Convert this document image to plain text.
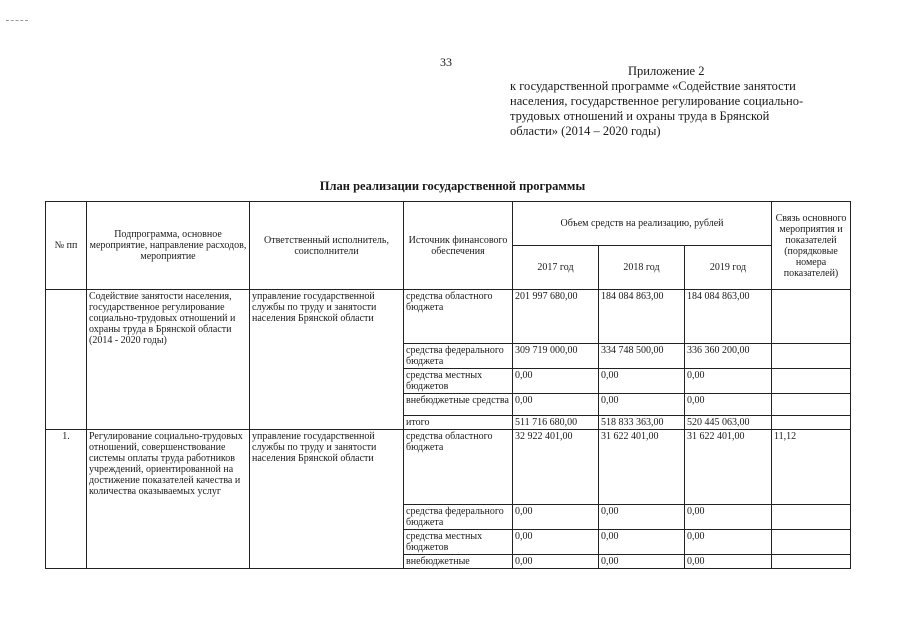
33
Приложение 2
к государственной программе «Содействие занятости
населения, государственное регулирование социально-
трудовых отношений и охраны труда в Брянской
области» (2014 – 2020 годы)
План реализации государственной программы
№ пп	Подпрограмма, основное мероприятие, направление расходов, мероприятие	Ответственный исполнитель, соисполнители	Источник финансового обеспечения	Объем средств на реализацию, рублей			Связь основного мероприятия и показателей (порядковые номера показателей)
				2017 год	2018 год	2019 год	
	Содействие занятости населения, государственное регулирование социально-трудовых отношений и охраны труда в Брянской области (2014 - 2020 годы)	управление государственной службы по труду и занятости населения Брянской области	средства областного бюджета	201 997 680,00	184 084 863,00	184 084 863,00	
			средства федерального бюджета	309 719 000,00	334 748 500,00	336 360 200,00	
			средства местных бюджетов	0,00	0,00	0,00	
			внебюджетные средства	0,00	0,00	0,00	
			итого	511 716 680,00	518 833 363,00	520 445 063,00	
1.	Регулирование социально-трудовых отношений, совершенствование системы оплаты труда работников учреждений, ориентированной на достижение показателей качества и количества оказываемых услуг	управление государственной службы по труду и занятости населения Брянской области	средства областного бюджета	32 922 401,00	31 622 401,00	31 622 401,00	11,12
			средства федерального бюджета	0,00	0,00	0,00	
			средства местных бюджетов	0,00	0,00	0,00	
			внебюджетные	0,00	0,00	0,00	
